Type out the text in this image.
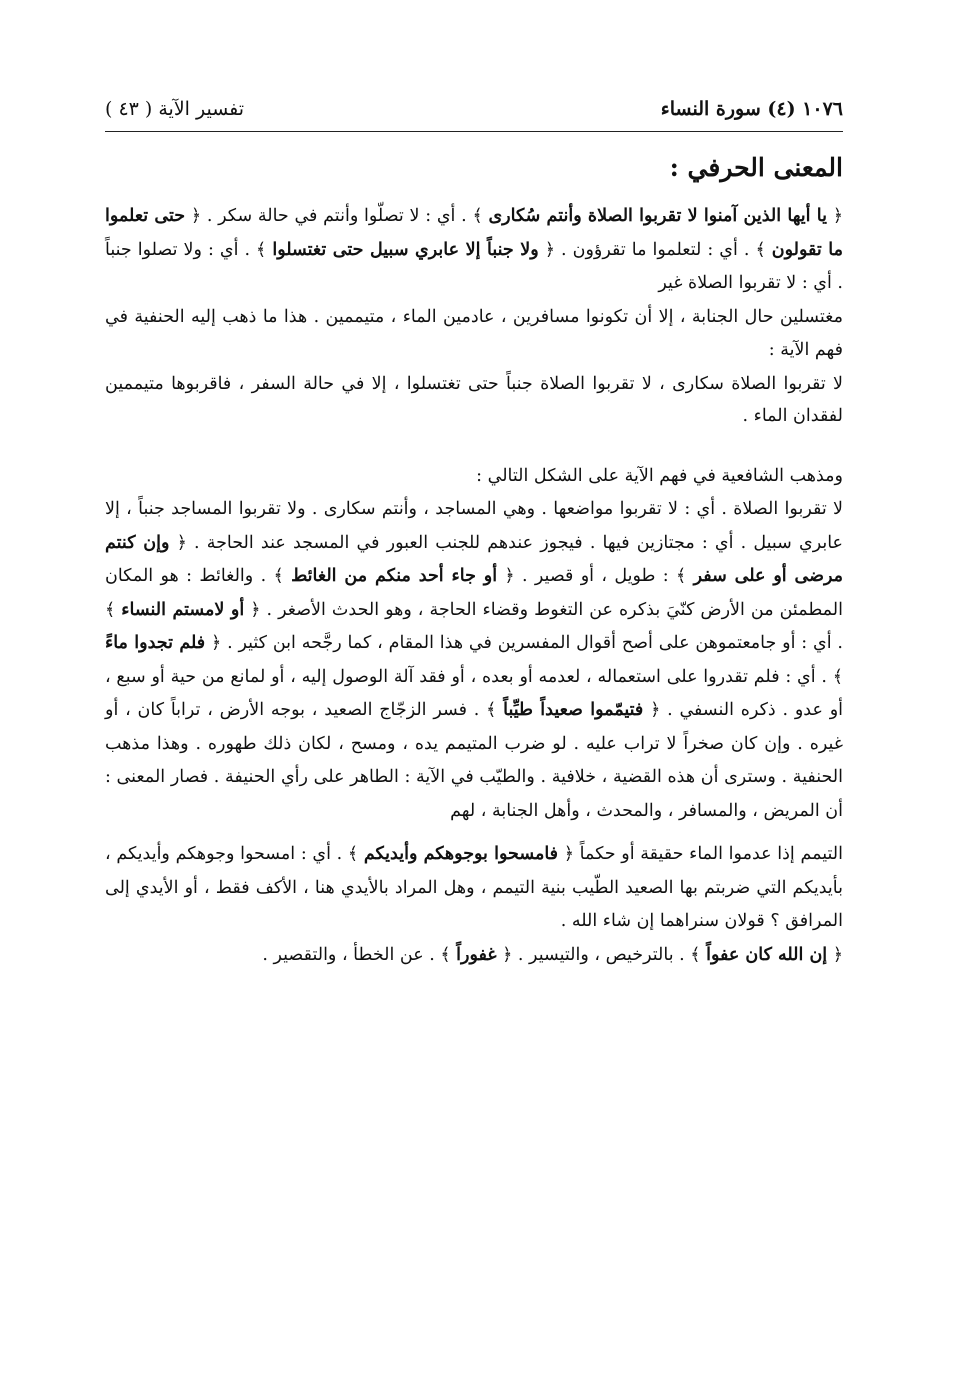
١٠٧٦ (٤) سورة النساء
تفسير الآية ( ٤٣ )
المعنى الحرفي :

﴿ يا أيها الذين آمنوا لا تقربوا الصلاة وأنتم سُكارى ﴾ . أي : لا تصلّوا وأنتم في حالة سكر . ﴿ حتى تعلموا ما تقولون ﴾ . أي : لتعلموا ما تقرؤون . ﴿ ولا جنباً إلا عابري سبيل حتى تغتسلوا ﴾ . أي : ولا تصلوا جنباً . أي : لا تقربوا الصلاة غير

مغتسلين حال الجنابة ، إلا أن تكونوا مسافرين ، عادمين الماء ، متيممين . هذا ما ذهب إليه الحنفية في فهم الآية :

لا تقربوا الصلاة سكارى ، لا تقربوا الصلاة جنباً حتى تغتسلوا ، إلا في حالة السفر ، فاقربوها متيممين لفقدان الماء .

ومذهب الشافعية في فهم الآية على الشكل التالي :

لا تقربوا الصلاة . أي : لا تقربوا مواضعها . وهي المساجد ، وأنتم سكارى . ولا تقربوا المساجد جنباً ، إلا عابري سبيل . أي : مجتازين فيها . فيجوز عندهم للجنب العبور في المسجد عند الحاجة . ﴿ وإن كنتم مرضى أو على سفر ﴾ : طويل ، أو قصير . ﴿ أو جاء أحد منكم من الغائط ﴾ . والغائط : هو المكان المطمئن من الأرض كنّيَ بذكره عن التغوط وقضاء الحاجة ، وهو الحدث الأصغر . ﴿ أو لامستم النساء ﴾ . أي : أو جامعتموهن على أصح أقوال المفسرين في هذا المقام ، كما رجَّحه ابن كثير . ﴿ فلم تجدوا ماءً ﴾ . أي : فلم تقدروا على استعماله ، لعدمه أو بعده ، أو فقد آلة الوصول إليه ، أو لمانع من حية أو سبع ، أو عدو . ذكره النسفي . ﴿ فتيمّموا صعيداً طيِّباً ﴾ . فسر الزجّاج الصعيد ، بوجه الأرض ، تراباً كان ، أو غيره . وإن كان صخراً لا تراب عليه . لو ضرب المتيمم يده ، ومسح ، لكان ذلك طهوره . وهذا مذهب الحنفية . وسترى أن هذه القضية ، خلافية . والطيّب في الآية : الطاهر على رأي الحنيفة . فصار المعنى : أن المريض ، والمسافر ، والمحدث ، وأهل الجنابة ، لهم

التيمم إذا عدموا الماء حقيقة أو حكماً ﴿ فامسحوا بوجوهكم وأيديكم ﴾ . أي : امسحوا وجوهكم وأيديكم ، بأيديكم التي ضربتم بها الصعيد الطّيب بنية التيمم ، وهل المراد بالأيدي هنا ، الأكف فقط ، أو الأيدي إلى المرافق ؟ قولان سنراهما إن شاء الله .

﴿ إن الله كان عفواً ﴾ . بالترخيص ، والتيسير . ﴿ غفوراً ﴾ . عن الخطأ ، والتقصير .
